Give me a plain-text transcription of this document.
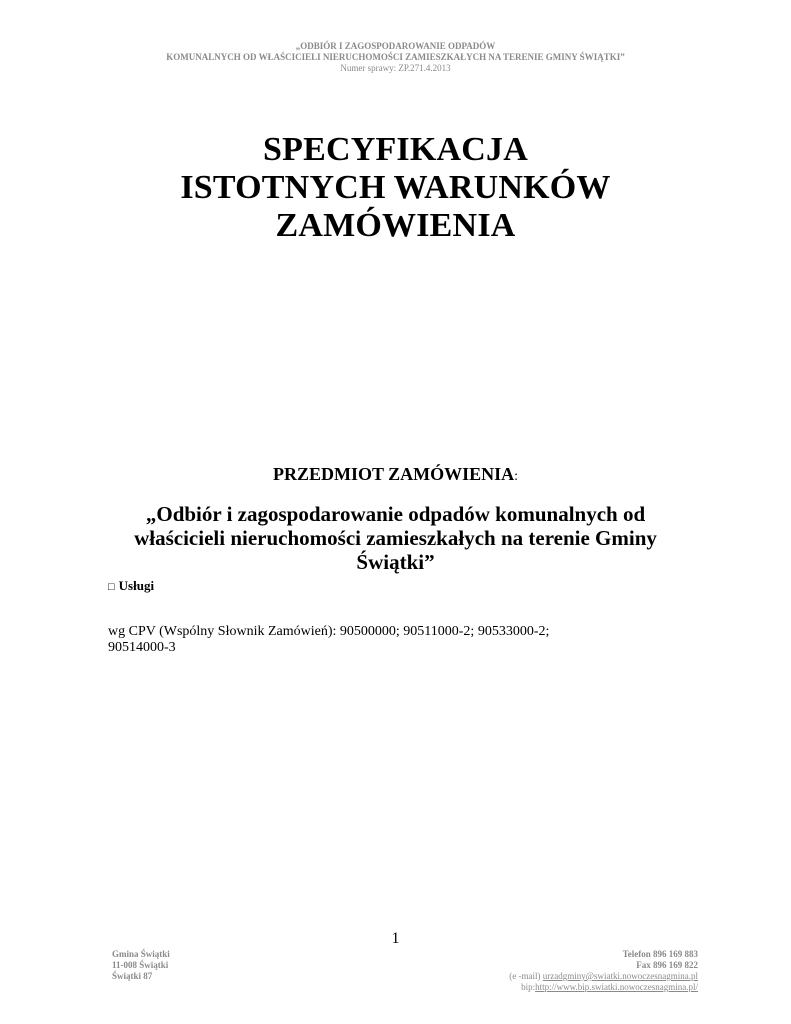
„ODBIÓR I ZAGOSPODAROWANIE ODPADÓW
KOMUNALNYCH OD WŁAŚCICIELI NIERUCHOMOŚCI ZAMIESZKAŁYCH NA TERENIE GMINY ŚWIĄTKI”
Numer sprawy: ZP.271.4.2013
SPECYFIKACJA
ISTOTNYCH WARUNKÓW
ZAMÓWIENIA
PRZEDMIOT ZAMÓWIENIA:
„Odbiór i zagospodarowanie odpadów komunalnych od
właścicieli nieruchomości zamieszkałych na terenie Gminy
Świątki”
□ Usługi
wg CPV (Wspólny Słownik Zamówień): 90500000; 90511000-2; 90533000-2;
90514000-3
1
Gmina Świątki
11-008 Świątki
Świątki 87
Telefon 896 169 883
Fax 896 169 822
(e -mail) urzadgminy@swiatki.nowoczesnagmina.pl
bip:http://www.bip.swiatki.nowoczesnagmina.pl/
